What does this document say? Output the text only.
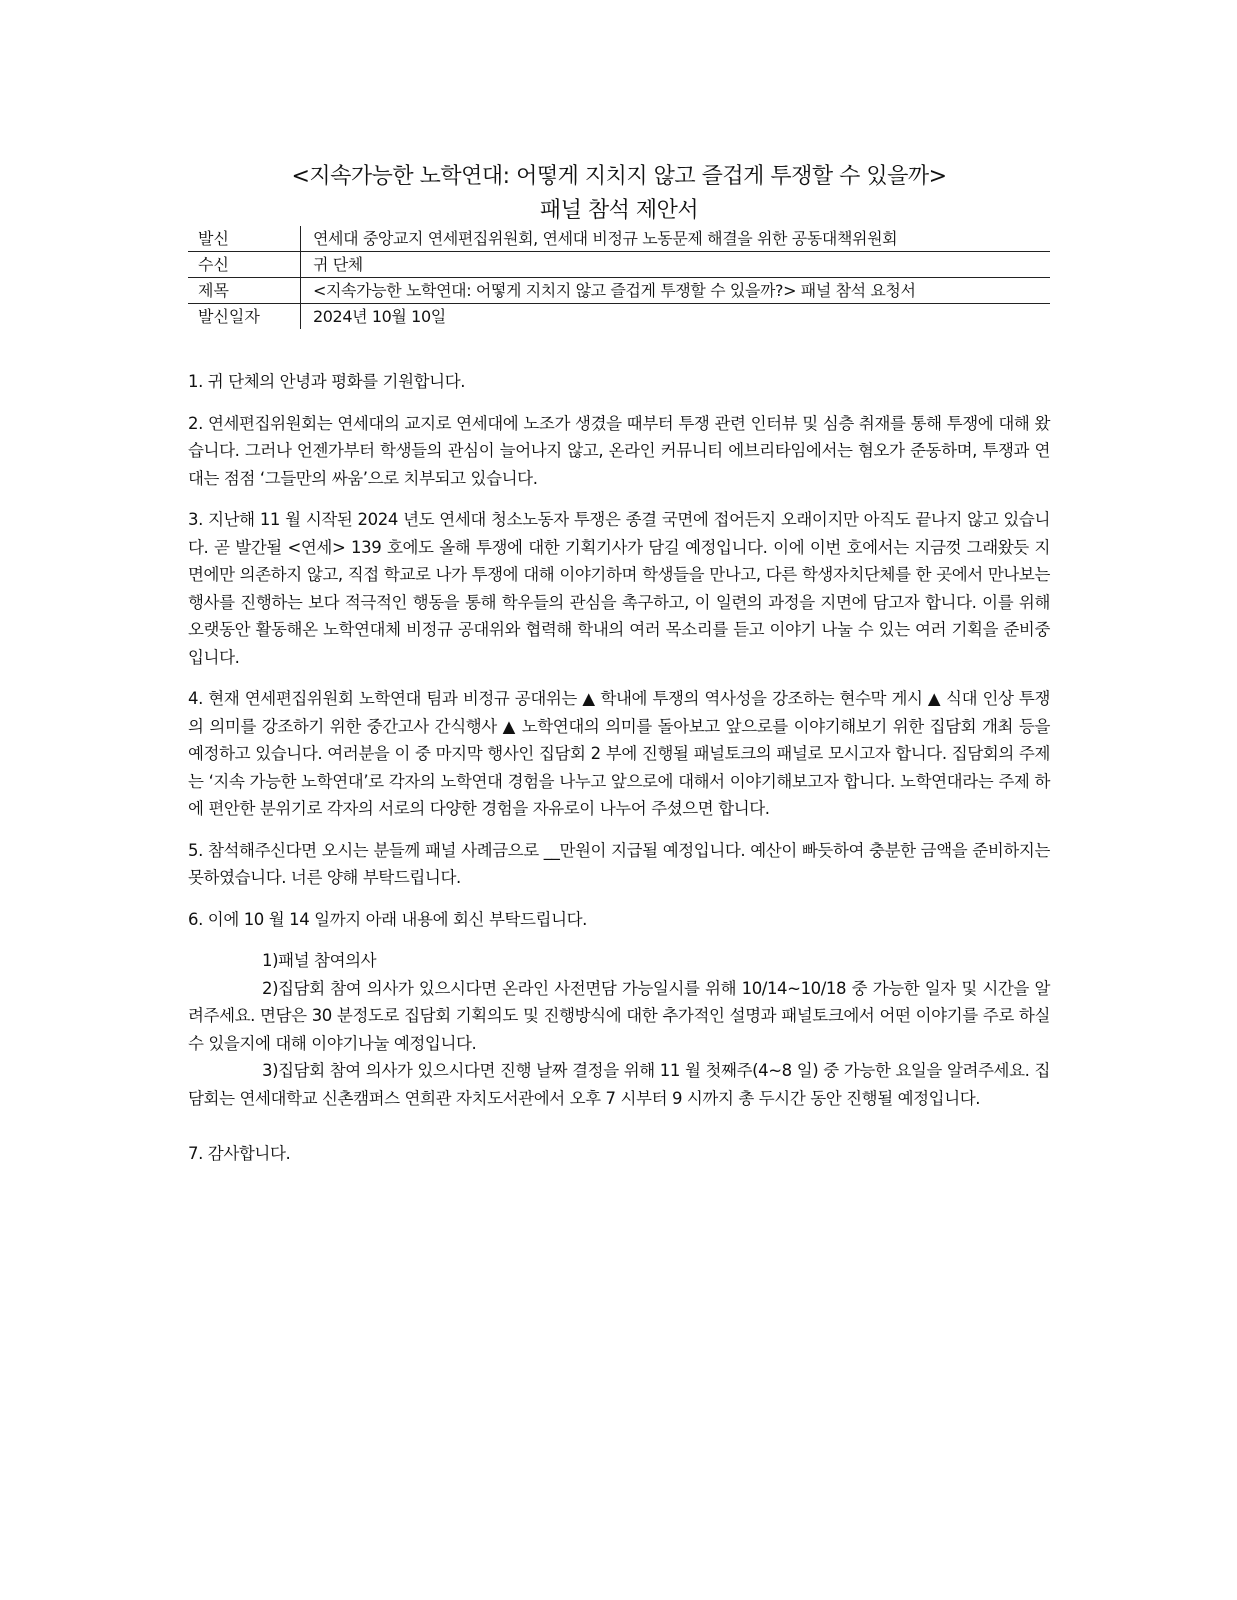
<지속가능한 노학연대: 어떻게 지치지 않고 즐겁게 투쟁할 수 있을까>
패널 참석 제안서
발신	연세대 중앙교지 연세편집위원회, 연세대 비정규 노동문제 해결을 위한 공동대책위원회
수신	귀 단체
제목	<지속가능한 노학연대: 어떻게 지치지 않고 즐겁게 투쟁할 수 있을까?> 패널 참석 요청서
발신일자	2024년 10월 10일

1. 귀 단체의 안녕과 평화를 기원합니다.

2. 연세편집위원회는 연세대의 교지로 연세대에 노조가 생겼을 때부터 투쟁 관련 인터뷰 및 심층 취재를 통해 투쟁에 대해 왔습니다. 그러나 언젠가부터 학생들의 관심이 늘어나지 않고, 온라인 커뮤니티 에브리타임에서는 혐오가 준동하며, 투쟁과 연대는 점점 ‘그들만의 싸움’으로 치부되고 있습니다.

3. 지난해 11 월 시작된 2024 년도 연세대 청소노동자 투쟁은 종결 국면에 접어든지 오래이지만 아직도 끝나지 않고 있습니다. 곧 발간될 <연세> 139 호에도 올해 투쟁에 대한 기획기사가 담길 예정입니다. 이에 이번 호에서는 지금껏 그래왔듯 지면에만 의존하지 않고, 직접 학교로 나가 투쟁에 대해 이야기하며 학생들을 만나고, 다른 학생자치단체를 한 곳에서 만나보는 행사를 진행하는 보다 적극적인 행동을 통해 학우들의 관심을 촉구하고, 이 일련의 과정을 지면에 담고자 합니다. 이를 위해 오랫동안 활동해온 노학연대체 비정규 공대위와 협력해 학내의 여러 목소리를 듣고 이야기 나눌 수 있는 여러 기획을 준비중입니다.

4. 현재 연세편집위원회 노학연대 팀과 비정규 공대위는 ▲ 학내에 투쟁의 역사성을 강조하는 현수막 게시 ▲ 식대 인상 투쟁의 의미를 강조하기 위한 중간고사 간식행사 ▲ 노학연대의 의미를 돌아보고 앞으로를 이야기해보기 위한 집담회 개최 등을 예정하고 있습니다. 여러분을 이 중 마지막 행사인 집담회 2 부에 진행될 패널토크의 패널로 모시고자 합니다. 집담회의 주제는 ‘지속 가능한 노학연대’로 각자의 노학연대 경험을 나누고 앞으로에 대해서 이야기해보고자 합니다. 노학연대라는 주제 하에 편안한 분위기로 각자의 서로의 다양한 경험을 자유로이 나누어 주셨으면 합니다.

5. 참석해주신다면 오시는 분들께 패널 사례금으로 __만원이 지급될 예정입니다. 예산이 빠듯하여 충분한 금액을 준비하지는 못하였습니다. 너른 양해 부탁드립니다.

6. 이에 10 월 14 일까지 아래 내용에 회신 부탁드립니다.

1)패널 참여의사

2)집담회 참여 의사가 있으시다면 온라인 사전면담 가능일시를 위해 10/14~10/18 중 가능한 일자 및 시간을 알려주세요. 면담은 30 분정도로 집담회 기획의도 및 진행방식에 대한 추가적인 설명과 패널토크에서 어떤 이야기를 주로 하실 수 있을지에 대해 이야기나눌 예정입니다.

3)집담회 참여 의사가 있으시다면 진행 날짜 결정을 위해 11 월 첫째주(4~8 일) 중 가능한 요일을 알려주세요. 집담회는 연세대학교 신촌캠퍼스 연희관 자치도서관에서 오후 7 시부터 9 시까지 총 두시간 동안 진행될 예정입니다.

7. 감사합니다.
